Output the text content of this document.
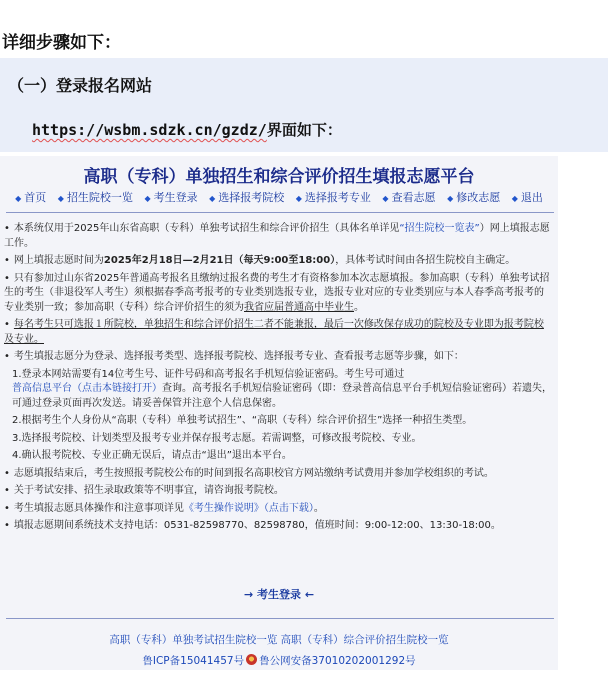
详细步骤如下：
（一）登录报名网站
https://wsbm.sdzk.cn/gzdz/界面如下：
高职（专科）单独招生和综合评价招生填报志愿平台
◆ 首页 ◆ 招生院校一览 ◆ 考生登录 ◆ 选择报考院校 ◆ 选择报考专业 ◆ 查看志愿 ◆ 修改志愿 ◆ 退出
• 本系统仅用于2025年山东省高职（专科）单独考试招生和综合评价招生（具体名单详见“招生院校一览表”）网上填报志愿工作。
• 网上填报志愿时间为2025年2月18日—2月21日（每天9:00至18:00），具体考试时间由各招生院校自主确定。
• 只有参加过山东省2025年普通高考报名且缴纳过报名费的考生才有资格参加本次志愿填报。参加高职（专科）单独考试招生的考生（非退役军人考生）须根据春季高考报考的专业类别选报专业，选报专业对应的专业类别应与本人春季高考报考的专业类别一致；参加高职（专科）综合评价招生的须为我省应届普通高中毕业生。
• 每名考生只可选报１所院校，单独招生和综合评价招生二者不能兼报，最后一次修改保存成功的院校及专业即为报考院校及专业。
• 考生填报志愿分为登录、选择报考类型、选择报考院校、选择报考专业、查看报考志愿等步骤，如下：
1.登录本网站需要有14位考生号、证件号码和高考报名手机短信验证密码。考生号可通过普高信息平台（点击本链接打开）查询。高考报名手机短信验证密码（即：登录普高信息平台手机短信验证密码）若遗失，可通过登录页面再次发送。请妥善保管并注意个人信息保密。
2.根据考生个人身份从“高职（专科）单独考试招生”、“高职（专科）综合评价招生”选择一种招生类型。
3.选择报考院校、计划类型及报考专业并保存报考志愿。若需调整，可修改报考院校、专业。
4.确认报考院校、专业正确无误后，请点击“退出”退出本平台。
• 志愿填报结束后，考生按照报考院校公布的时间到报名高职校官方网站缴纳考试费用并参加学校组织的考试。
• 关于考试安排、招生录取政策等不明事宜，请咨询报考院校。
• 考生填报志愿具体操作和注意事项详见《考生操作说明》（点击下载）。
• 填报志愿期间系统技术支持电话：0531-82598770、82598780，值班时间：9:00-12:00、13:30-18:00。
→ 考生登录 ←
高职（专科）单独考试招生院校一览 高职（专科）综合评价招生院校一览
鲁ICP备15041457号 鲁公网安备37010202001292号
